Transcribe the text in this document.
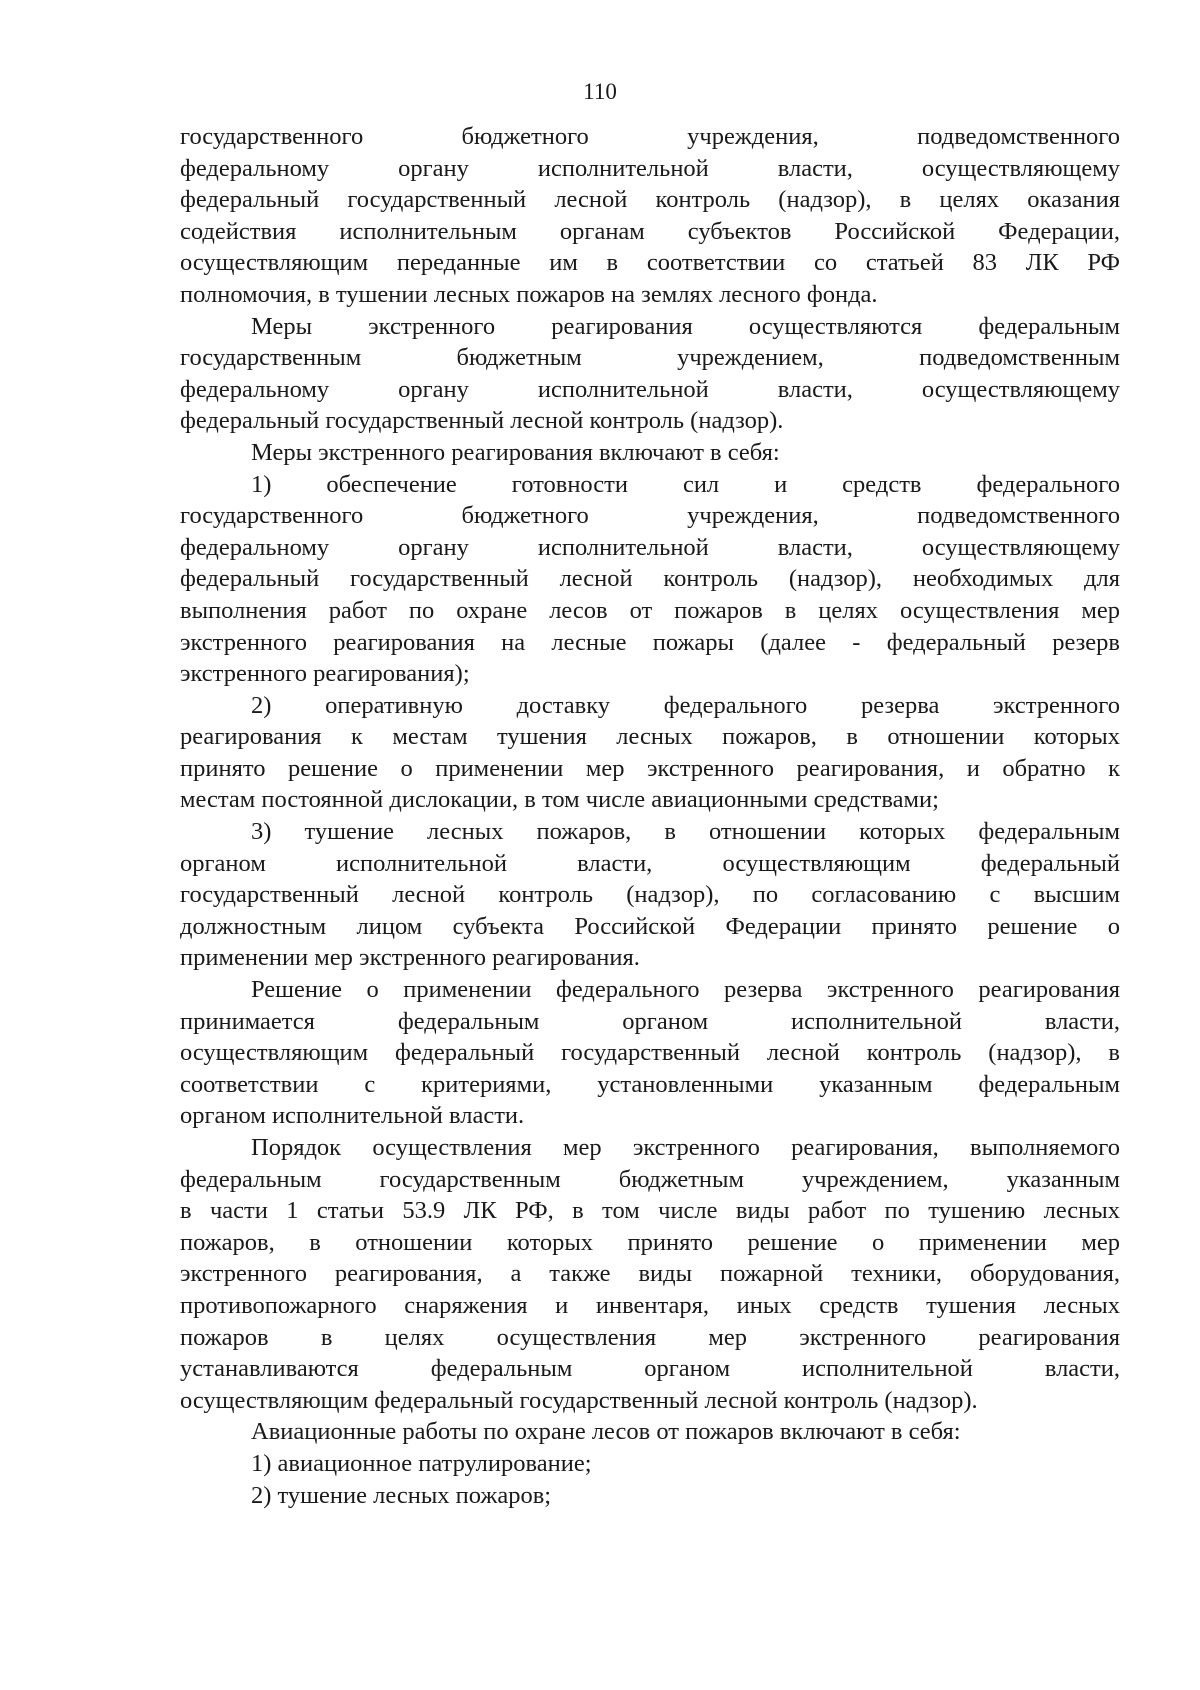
110
государственного бюджетного учреждения, подведомственного
федеральному органу исполнительной власти, осуществляющему
федеральный государственный лесной контроль (надзор), в целях оказания
содействия исполнительным органам субъектов Российской Федерации,
осуществляющим переданные им в соответствии со статьей 83 ЛК РФ
полномочия, в тушении лесных пожаров на землях лесного фонда.
Меры экстренного реагирования осуществляются федеральным
государственным бюджетным учреждением, подведомственным
федеральному органу исполнительной власти, осуществляющему
федеральный государственный лесной контроль (надзор).
Меры экстренного реагирования включают в себя:
1) обеспечение готовности сил и средств федерального
государственного бюджетного учреждения, подведомственного
федеральному органу исполнительной власти, осуществляющему
федеральный государственный лесной контроль (надзор), необходимых для
выполнения работ по охране лесов от пожаров в целях осуществления мер
экстренного реагирования на лесные пожары (далее - федеральный резерв
экстренного реагирования);
2) оперативную доставку федерального резерва экстренного
реагирования к местам тушения лесных пожаров, в отношении которых
принято решение о применении мер экстренного реагирования, и обратно к
местам постоянной дислокации, в том числе авиационными средствами;
3) тушение лесных пожаров, в отношении которых федеральным
органом исполнительной власти, осуществляющим федеральный
государственный лесной контроль (надзор), по согласованию с высшим
должностным лицом субъекта Российской Федерации принято решение о
применении мер экстренного реагирования.
Решение о применении федерального резерва экстренного реагирования
принимается федеральным органом исполнительной власти,
осуществляющим федеральный государственный лесной контроль (надзор), в
соответствии с критериями, установленными указанным федеральным
органом исполнительной власти.
Порядок осуществления мер экстренного реагирования, выполняемого
федеральным государственным бюджетным учреждением, указанным
в части 1 статьи 53.9 ЛК РФ, в том числе виды работ по тушению лесных
пожаров, в отношении которых принято решение о применении мер
экстренного реагирования, а также виды пожарной техники, оборудования,
противопожарного снаряжения и инвентаря, иных средств тушения лесных
пожаров в целях осуществления мер экстренного реагирования
устанавливаются федеральным органом исполнительной власти,
осуществляющим федеральный государственный лесной контроль (надзор).
Авиационные работы по охране лесов от пожаров включают в себя:
1) авиационное патрулирование;
2) тушение лесных пожаров;
